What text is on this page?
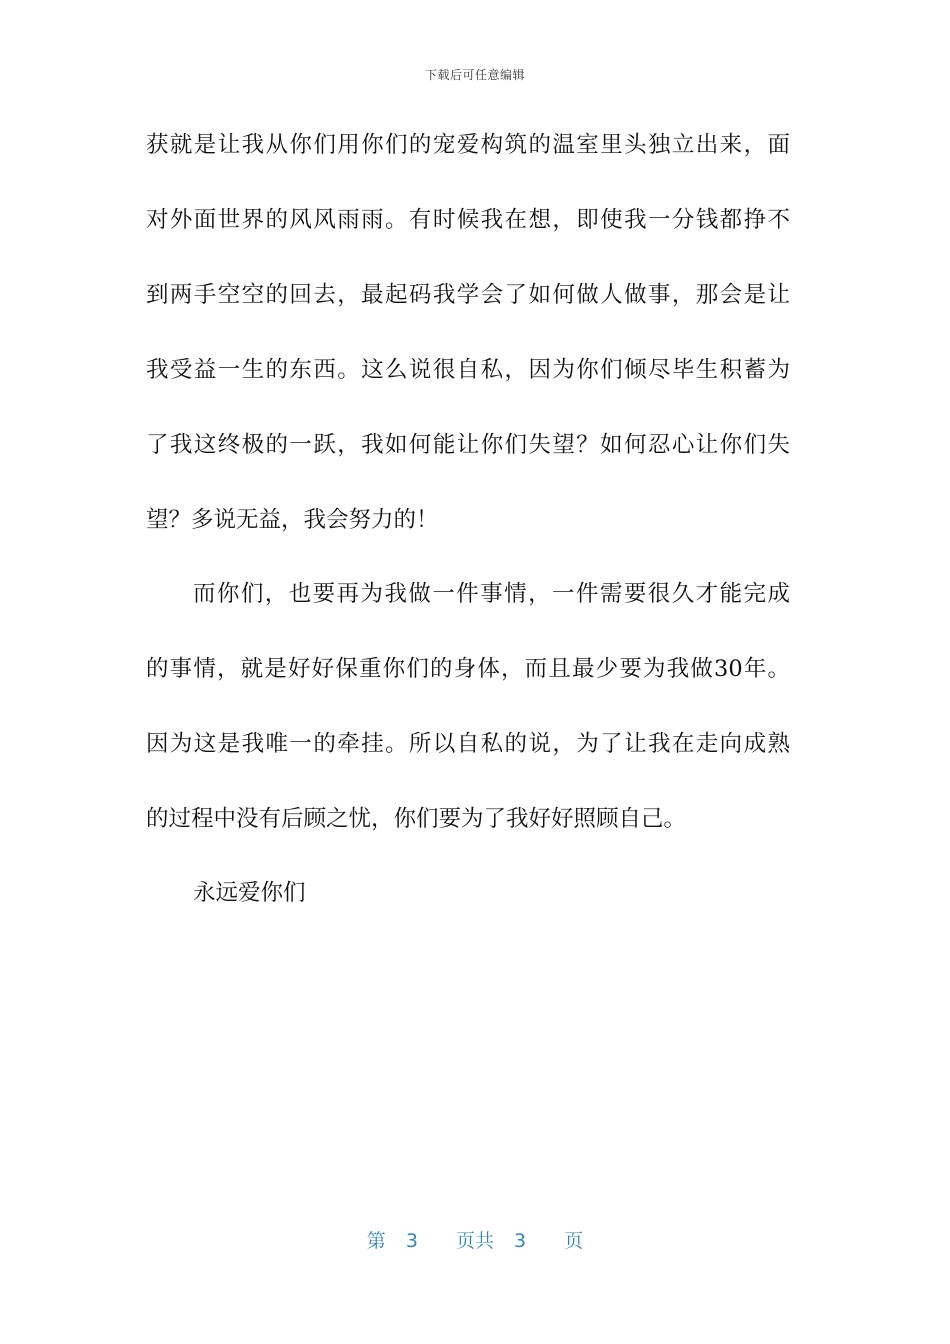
下载后可任意编辑
获就是让我从你们用你们的宠爱构筑的温室里头独立出来，面
对外面世界的风风雨雨。有时候我在想，即使我一分钱都挣不
到两手空空的回去，最起码我学会了如何做人做事，那会是让
我受益一生的东西。这么说很自私，因为你们倾尽毕生积蓄为
了我这终极的一跃，我如何能让你们失望？如何忍心让你们失
望？多说无益，我会努力的！
而你们，也要再为我做一件事情，一件需要很久才能完成
的事情，就是好好保重你们的身体，而且最少要为我做30年。
因为这是我唯一的牵挂。所以自私的说，为了让我在走向成熟
的过程中没有后顾之忧，你们要为了我好好照顾自己。
永远爱你们
第 3 页共 3 页
